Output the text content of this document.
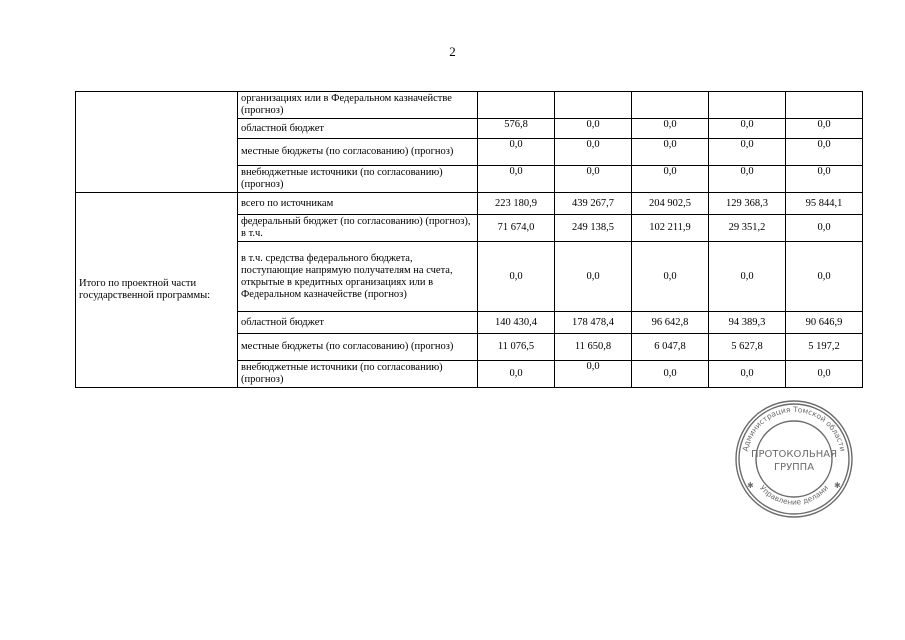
2
	организациях или в Федеральном казначействе (прогноз)					
	областной бюджет	576,8	0,0	0,0	0,0	0,0
	местные бюджеты (по согласованию) (прогноз)	0,0	0,0	0,0	0,0	0,0
	внебюджетные источники (по согласованию) (прогноз)	0,0	0,0	0,0	0,0	0,0
Итого по проектной части государственной программы:	всего по источникам	223 180,9	439 267,7	204 902,5	129 368,3	95 844,1
	федеральный бюджет (по согласованию) (прогноз), в т.ч.	71 674,0	249 138,5	102 211,9	29 351,2	0,0
	в т.ч. средства федерального бюджета, поступающие напрямую получателям на счета, открытые в кредитных организациях или в Федеральном казначействе (прогноз)	0,0	0,0	0,0	0,0	0,0
	областной бюджет	140 430,4	178 478,4	96 642,8	94 389,3	90 646,9
	местные бюджеты (по согласованию) (прогноз)	11 076,5	11 650,8	6 047,8	5 627,8	5 197,2
	внебюджетные источники (по согласованию) (прогноз)	0,0	0,0	0,0	0,0	0,0
Администрация Томской области
Управление делами
ПРОТОКОЛЬНАЯ
ГРУППА
✱	✱
